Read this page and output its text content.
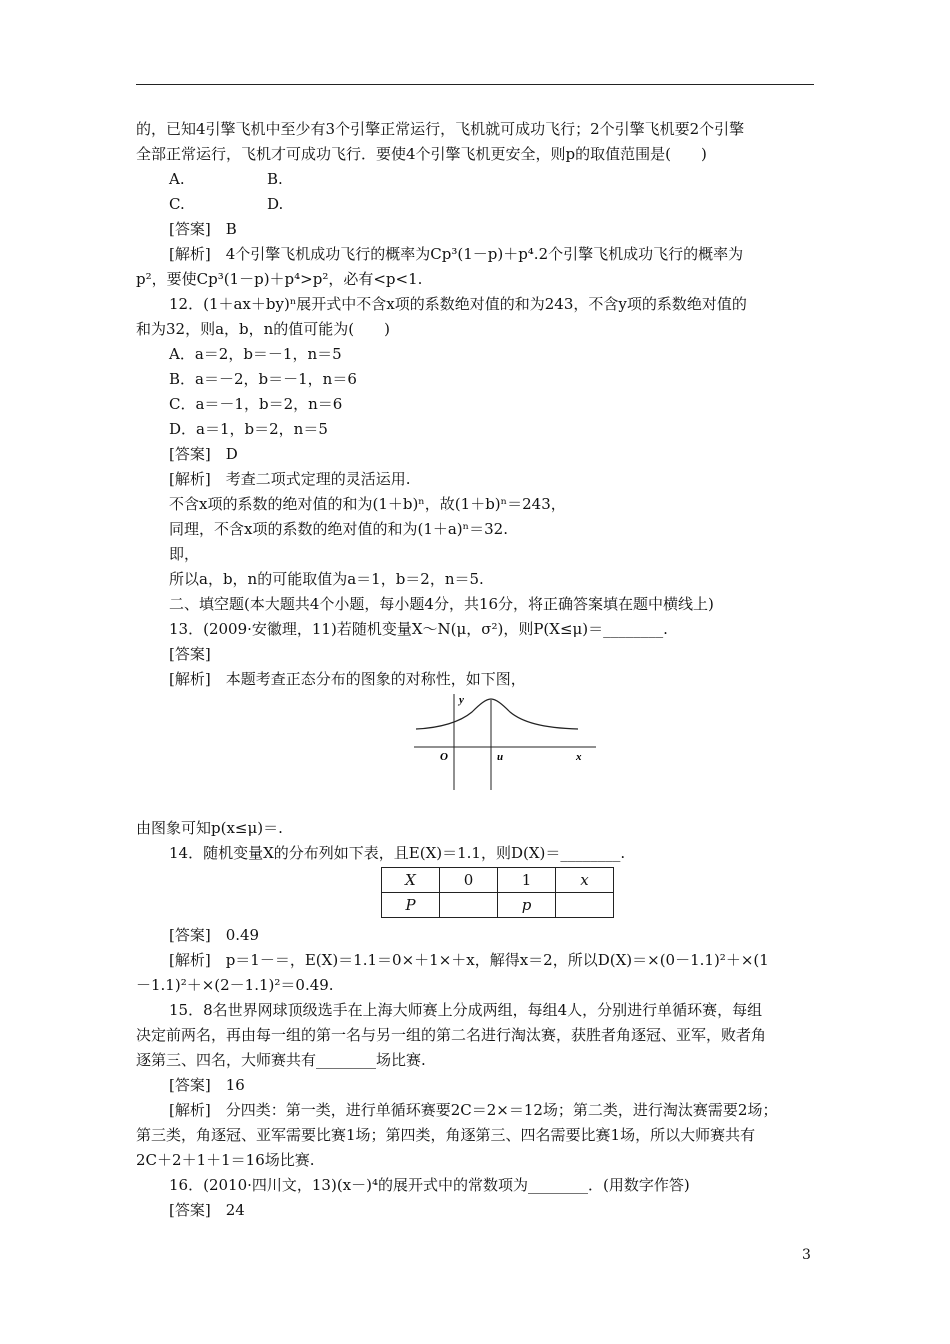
的，已知4引擎飞机中至少有3个引擎正常运行，飞机就可成功飞行；2个引擎飞机要2个引擎
全部正常运行，飞机才可成功飞行．要使4个引擎飞机更安全，则p的取值范围是(　　)
A.	B.
C.	D.
[答案]　B
[解析]　4个引擎飞机成功飞行的概率为Cp³(1－p)＋p⁴.2个引擎飞机成功飞行的概率为
p²，要使Cp³(1－p)＋p⁴>p²，必有<p<1.
12．(1＋ax＋by)ⁿ展开式中不含x项的系数绝对值的和为243，不含y项的系数绝对值的
和为32，则a，b，n的值可能为(　　)
A．a＝2，b＝－1，n＝5
B．a＝－2，b＝－1，n＝6
C．a＝－1，b＝2，n＝6
D．a＝1，b＝2，n＝5
[答案]　D
[解析]　考查二项式定理的灵活运用.
不含x项的系数的绝对值的和为(1＋b)ⁿ，故(1＋b)ⁿ＝243，
同理，不含x项的系数的绝对值的和为(1＋a)ⁿ＝32.
即，
所以a，b，n的可能取值为a＝1，b＝2，n＝5.
二、填空题(本大题共4个小题，每小题4分，共16分，将正确答案填在题中横线上)
13．(2009·安徽理，11)若随机变量X～N(μ，σ²)，则P(X≤μ)＝________.
[答案]
[解析]　本题考查正态分布的图象的对称性，如下图，
y
O	u	x
由图象可知p(x≤μ)＝.
14．随机变量X的分布列如下表，且E(X)＝1.1，则D(X)＝________.
X	0	1	x
P		p	
[答案]　0.49
[解析]　p＝1－＝，E(X)＝1.1＝0×＋1×＋x，解得x＝2，所以D(X)＝×(0－1.1)²＋×(1
－1.1)²＋×(2－1.1)²＝0.49.
15．8名世界网球顶级选手在上海大师赛上分成两组，每组4人，分别进行单循环赛，每组
决定前两名，再由每一组的第一名与另一组的第二名进行淘汰赛，获胜者角逐冠、亚军，败者角
逐第三、四名，大师赛共有________场比赛.
[答案]　16
[解析]　分四类：第一类，进行单循环赛要2C＝2×＝12场；第二类，进行淘汰赛需要2场；
第三类，角逐冠、亚军需要比赛1场；第四类，角逐第三、四名需要比赛1场，所以大师赛共有
2C＋2＋1＋1＝16场比赛.
16．(2010·四川文，13)(x－)⁴的展开式中的常数项为________．(用数字作答)
[答案]　24
3
